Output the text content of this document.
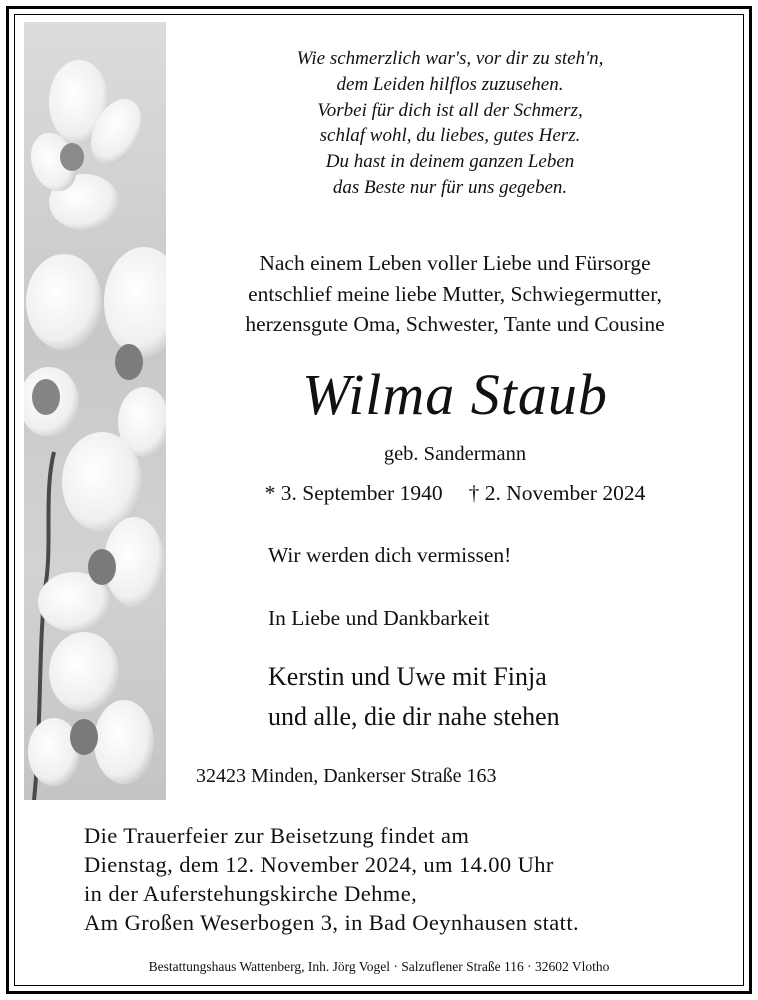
Wie schmerzlich war's, vor dir zu steh'n,
dem Leiden hilflos zuzusehen.
Vorbei für dich ist all der Schmerz,
schlaf wohl, du liebes, gutes Herz.
Du hast in deinem ganzen Leben
das Beste nur für uns gegeben.
Nach einem Leben voller Liebe und Fürsorge
entschlief meine liebe Mutter, Schwiegermutter,
herzensgute Oma, Schwester, Tante und Cousine
Wilma Staub
geb. Sandermann
* 3. September 1940 † 2. November 2024
Wir werden dich vermissen!
In Liebe und Dankbarkeit
Kerstin und Uwe mit Finja
und alle, die dir nahe stehen
32423 Minden, Dankerser Straße 163
Die Trauerfeier zur Beisetzung findet am
Dienstag, dem 12. November 2024, um 14.00 Uhr
in der Auferstehungskirche Dehme,
Am Großen Weserbogen 3, in Bad Oeynhausen statt.
Bestattungshaus Wattenberg, Inh. Jörg Vogel · Salzuflener Straße 116 · 32602 Vlotho
